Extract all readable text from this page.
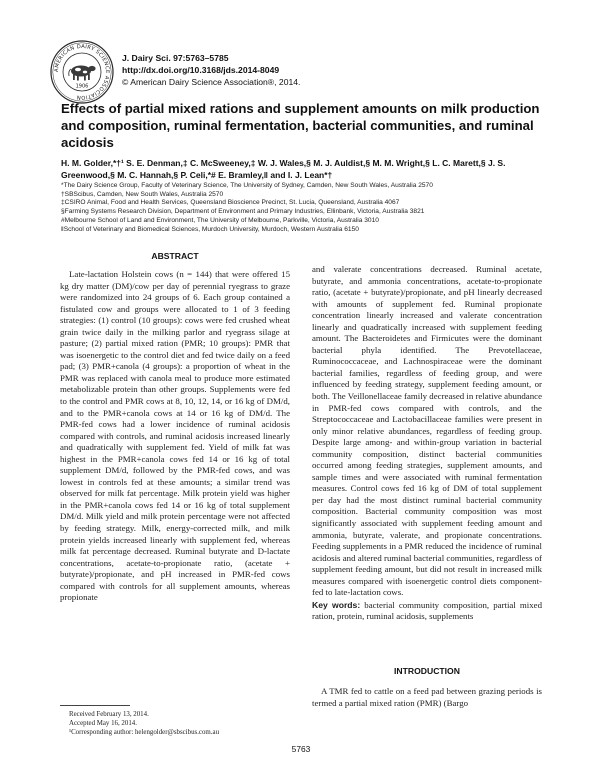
AMERICAN DAIRY SCIENCE ASSOCIATION
1906
J. Dairy Sci. 97:5763–5785
http://dx.doi.org/10.3168/jds.2014-8049
© American Dairy Science Association®, 2014.
Effects of partial mixed rations and supplement amounts on milk production and composition, ruminal fermentation, bacterial communities, and ruminal acidosis
H. M. Golder,*†¹ S. E. Denman,‡ C. McSweeney,‡ W. J. Wales,§ M. J. Auldist,§ M. M. Wright,§ L. C. Marett,§ J. S. Greenwood,§ M. C. Hannah,§ P. Celi,*# E. Bramley,‖ and I. J. Lean*†
*The Dairy Science Group, Faculty of Veterinary Science, The University of Sydney, Camden, New South Wales, Australia 2570
†SBScibus, Camden, New South Wales, Australia 2570
‡CSIRO Animal, Food and Health Services, Queensland Bioscience Precinct, St. Lucia, Queensland, Australia 4067
§Farming Systems Research Division, Department of Environment and Primary Industries, Ellinbank, Victoria, Australia 3821
#Melbourne School of Land and Environment, The University of Melbourne, Parkville, Victoria, Australia 3010
‖School of Veterinary and Biomedical Sciences, Murdoch University, Murdoch, Western Australia 6150
ABSTRACT
Late-lactation Holstein cows (n = 144) that were offered 15 kg dry matter (DM)/cow per day of perennial ryegrass to graze were randomized into 24 groups of 6. Each group contained a fistulated cow and groups were allocated to 1 of 3 feeding strategies: (1) control (10 groups): cows were fed crushed wheat grain twice daily in the milking parlor and ryegrass silage at pasture; (2) partial mixed ration (PMR; 10 groups): PMR that was isoenergetic to the control diet and fed twice daily on a feed pad; (3) PMR+canola (4 groups): a proportion of wheat in the PMR was replaced with canola meal to produce more estimated metabolizable protein than other groups. Supplements were fed to the control and PMR cows at 8, 10, 12, 14, or 16 kg of DM/d, and to the PMR+canola cows at 14 or 16 kg of DM/d. The PMR-fed cows had a lower incidence of ruminal acidosis compared with controls, and ruminal acidosis increased linearly and quadratically with supplement fed. Yield of milk fat was highest in the PMR+canola cows fed 14 or 16 kg of total supplement DM/d, followed by the PMR-fed cows, and was lowest in controls fed at these amounts; a similar trend was observed for milk fat percentage. Milk protein yield was higher in the PMR+canola cows fed 14 or 16 kg of total supplement DM/d. Milk yield and milk protein percentage were not affected by feeding strategy. Milk, energy-corrected milk, and milk protein yields increased linearly with supplement fed, whereas milk fat percentage decreased. Ruminal butyrate and D-lactate concentrations, acetate-to-propionate ratio, (acetate + butyrate)/propionate, and pH increased in PMR-fed cows compared with controls for all supplement amounts, whereas propionate
and valerate concentrations decreased. Ruminal acetate, butyrate, and ammonia concentrations, acetate-to-propionate ratio, (acetate + butyrate)/propionate, and pH linearly decreased with amounts of supplement fed. Ruminal propionate concentration linearly increased and valerate concentration linearly and quadratically increased with supplement feeding amount. The Bacteroidetes and Firmicutes were the dominant bacterial phyla identified. The Prevotellaceae, Ruminococcaceae, and Lachnospiraceae were the dominant bacterial families, regardless of feeding group, and were influenced by feeding strategy, supplement feeding amount, or both. The Veillonellaceae family decreased in relative abundance in PMR-fed cows compared with controls, and the Streptococcaceae and Lactobacillaceae families were present in only minor relative abundances, regardless of feeding group. Despite large among- and within-group variation in bacterial community composition, distinct bacterial communities occurred among feeding strategies, supplement amounts, and sample times and were associated with ruminal fermentation measures. Control cows fed 16 kg of DM of total supplement per day had the most distinct ruminal bacterial community composition. Bacterial community composition was most significantly associated with supplement feeding amount and ammonia, butyrate, valerate, and propionate concentrations. Feeding supplements in a PMR reduced the incidence of ruminal acidosis and altered ruminal bacterial communities, regardless of supplement feeding amount, but did not result in increased milk measures compared with isoenergetic control diets component-fed to late-lactation cows.
Key words: bacterial community composition, partial mixed ration, protein, ruminal acidosis, supplements
INTRODUCTION
A TMR fed to cattle on a feed pad between grazing periods is termed a partial mixed ration (PMR) (Bargo
Received February 13, 2014.
Accepted May 16, 2014.
¹Corresponding author: helengolder@sbscibus.com.au
5763
